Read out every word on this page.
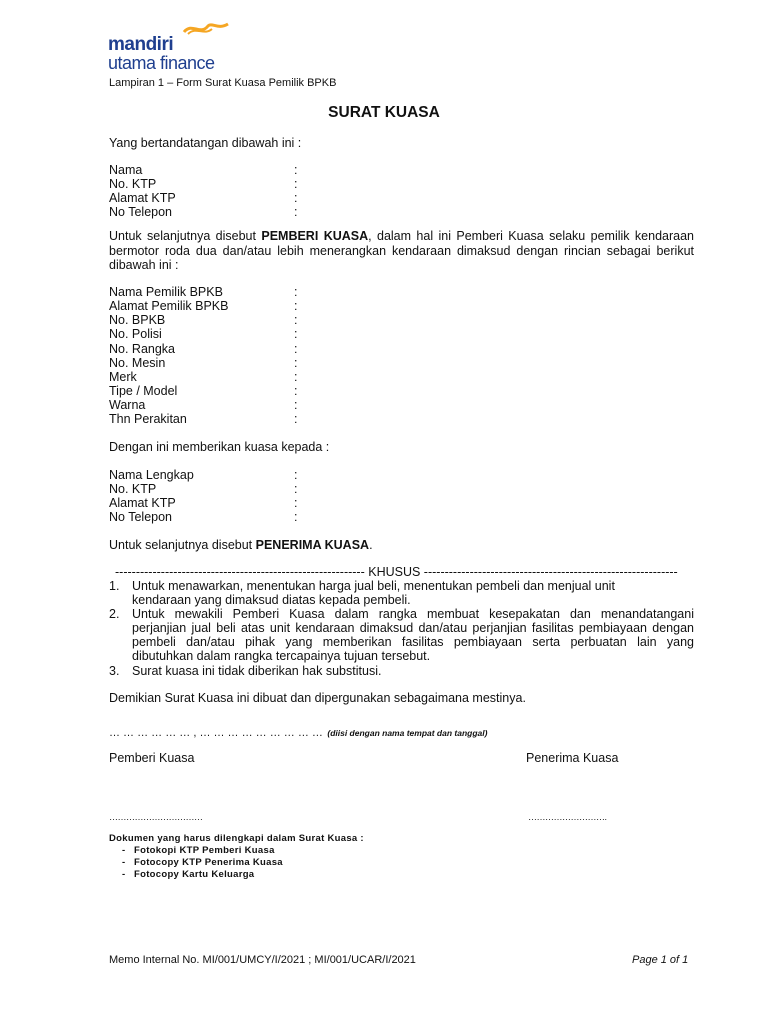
mandiri
utama finance
Lampiran 1 – Form Surat Kuasa Pemilik BPKB
SURAT KUASA
Yang bertandatangan dibawah ini :
Nama	:
No. KTP	:
Alamat KTP	:
No Telepon	:
Untuk selanjutnya disebut PEMBERI KUASA, dalam hal ini Pemberi Kuasa selaku pemilik kendaraan
bermotor roda dua dan/atau lebih menerangkan kendaraan dimaksud dengan rincian sebagai berikut
dibawah ini :
Nama Pemilik BPKB	:
Alamat Pemilik BPKB	:
No. BPKB	:
No. Polisi	:
No. Rangka	:
No. Mesin	:
Merk	:
Tipe / Model	:
Warna	:
Thn Perakitan	:
Dengan ini memberikan kuasa kepada :
Nama Lengkap	:
No. KTP	:
Alamat KTP	:
No Telepon	:
Untuk selanjutnya disebut PENERIMA KUASA.
------------------------------------------------------------ KHUSUS -------------------------------------------------------------
1. Untuk menawarkan, menentukan harga jual beli, menentukan pembeli dan menjual unit
kendaraan yang dimaksud diatas kepada pembeli.
2. Untuk mewakili Pemberi Kuasa dalam rangka membuat kesepakatan dan menandatangani
perjanjian jual beli atas unit kendaraan dimaksud dan/atau perjanjian fasilitas pembiayaan dengan
pembeli dan/atau pihak yang memberikan fasilitas pembiayaan serta perbuatan lain yang
dibutuhkan dalam rangka tercapainya tujuan tersebut.
3. Surat kuasa ini tidak diberikan hak substitusi.
Demikian Surat Kuasa ini dibuat dan dipergunakan sebagaimana mestinya.
… … … … … … , … … … … … … … … … (diisi dengan nama tempat dan tanggal)
Pemberi Kuasa	Penerima Kuasa
……………………………	……………………….
Dokumen yang harus dilengkapi dalam Surat Kuasa :
- Fotokopi KTP Pemberi Kuasa
- Fotocopy KTP Penerima Kuasa
- Fotocopy Kartu Keluarga
Memo Internal No. MI/001/UMCY/I/2021 ; MI/001/UCAR/I/2021	Page 1 of 1
